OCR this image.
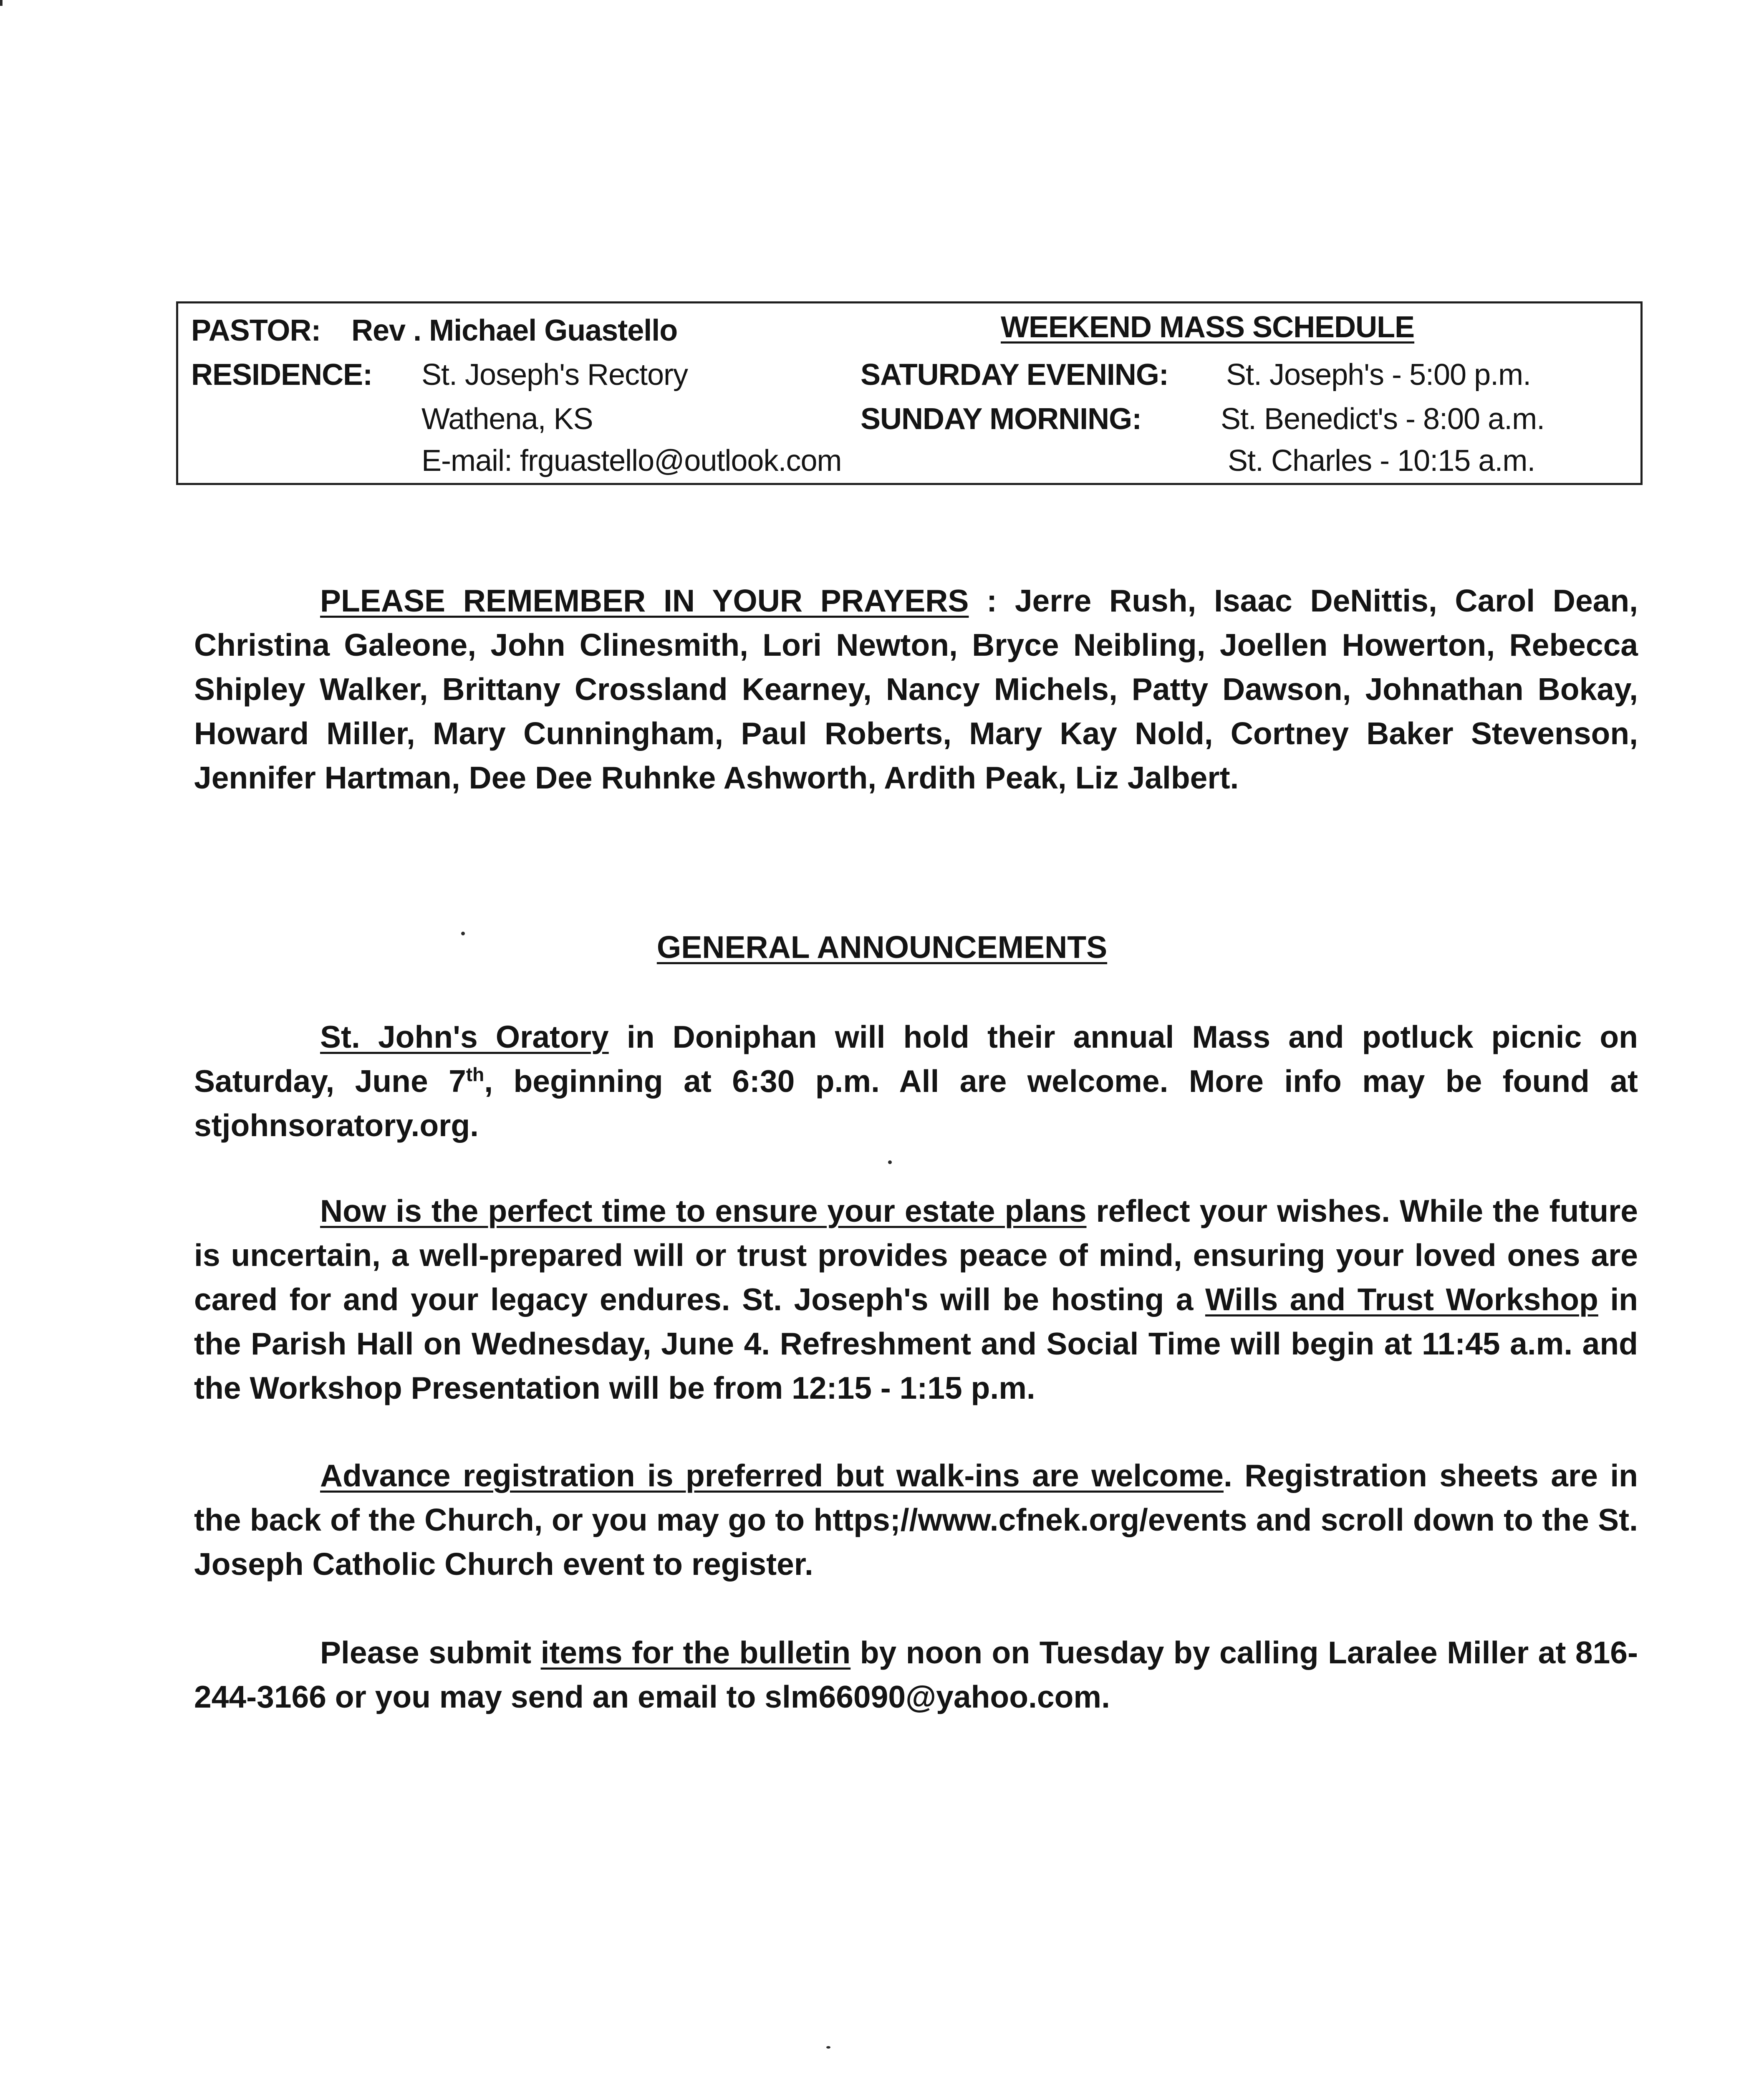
PASTOR: Rev . Michael Guastello
RESIDENCE: St. Joseph's Rectory
Wathena, KS
E-mail: frguastello@outlook.com
WEEKEND MASS SCHEDULE
SATURDAY EVENING: St. Joseph's - 5:00 p.m.
SUNDAY MORNING:	St. Benedict's - 8:00 a.m.
St. Charles - 10:15 a.m.

PLEASE REMEMBER IN YOUR PRAYERS : Jerre Rush, Isaac DeNittis, Carol Dean, Christina Galeone, John Clinesmith, Lori Newton, Bryce Neibling, Joellen Howerton, Rebecca Shipley Walker, Brittany Crossland Kearney, Nancy Michels, Patty Dawson, Johnathan Bokay, Howard Miller, Mary Cunningham, Paul Roberts, Mary Kay Nold, Cortney Baker Stevenson, Jennifer Hartman, Dee Dee Ruhnke Ashworth, Ardith Peak, Liz Jalbert.

GENERAL ANNOUNCEMENTS

St. John's Oratory in Doniphan will hold their annual Mass and potluck picnic on Saturday, June 7th, beginning at 6:30 p.m. All are welcome. More info may be found at stjohnsoratory.org.

Now is the perfect time to ensure your estate plans reflect your wishes. While the future is uncertain, a well-prepared will or trust provides peace of mind, ensuring your loved ones are cared for and your legacy endures. St. Joseph's will be hosting a Wills and Trust Workshop in the Parish Hall on Wednesday, June 4. Refreshment and Social Time will begin at 11:45 a.m. and the Workshop Presentation will be from 12:15 - 1:15 p.m.

Advance registration is preferred but walk-ins are welcome. Registration sheets are in the back of the Church, or you may go to https;//www.cfnek.org/events and scroll down to the St. Joseph Catholic Church event to register.

Please submit items for the bulletin by noon on Tuesday by calling Laralee Miller at 816-244-3166 or you may send an email to slm66090@yahoo.com.
